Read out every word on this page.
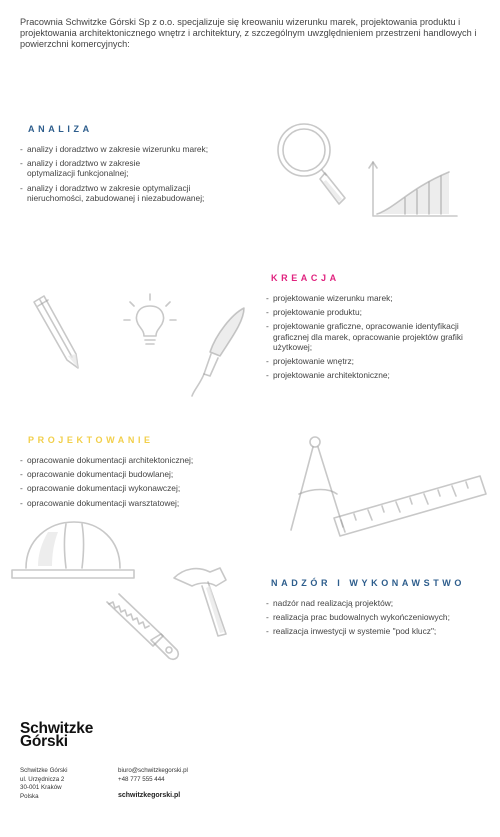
Pracownia Schwitzke Górski Sp z o.o. specjalizuje się kreowaniu wizerunku marek, projektowania produktu i projektowania architektonicznego wnętrz i architektury, z szczególnym uwzględnieniem przestrzeni handlowych i powierzchni komercyjnych:

ANALIZA
- analizy i doradztwo w zakresie wizerunku marek;
- analizy i doradztwo w zakresie optymalizacji funkcjonalnej;
- analizy i doradztwo w zakresie optymalizacji nieruchomości, zabudowanej i niezabudowanej;
KREACJA
- projektowanie wizerunku marek;
- projektowanie produktu;
- projektowanie graficzne, opracowanie identyfikacji graficznej dla marek, opracowanie projektów grafiki użytkowej;
- projektowanie wnętrz;
- projektowanie architektoniczne;
PROJEKTOWANIE
- opracowanie dokumentacji architektonicznej;
- opracowanie dokumentacji budowlanej;
- opracowanie dokumentacji wykonawczej;
- opracowanie dokumentacji warsztatowej;
NADZÓR I WYKONAWSTWO
- nadzór nad realizacją projektów;
- realizacja prac budowalnych wykończeniowych;
- realizacja inwestycji w systemie "pod klucz";
Schwitzke
Górski
Schwitzke Górski
ul. Urzędnicza 2
30-001 Kraków
Polska
biuro@schwitzkegorski.pl
+48 777 555 444
schwitzkegorski.pl
